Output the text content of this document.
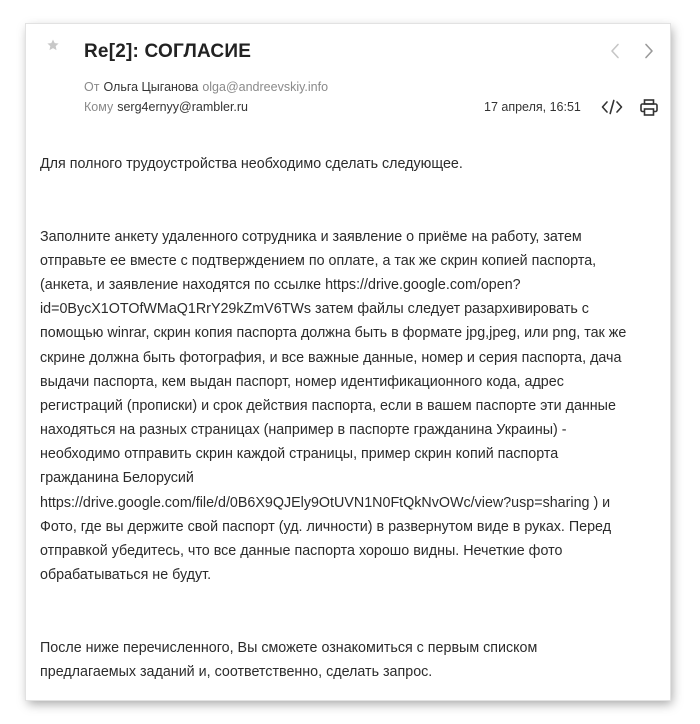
Re[2]: СОГЛАСИЕ
От Ольга Цыганова olga@andreevskiy.info
Кому serg4ernyy@rambler.ru	17 апреля, 16:51
Для полного трудоустройства необходимо сделать следующее.
Заполните анкету удаленного сотрудника и заявление о приёме на работу, затем
отправьте ее вместе с подтверждением по оплате, а так же скрин копией паспорта,
(анкета, и заявление находятся по ссылке https://drive.google.com/open?
id=0BycX1OTOfWMaQ1RrY29kZmV6TWs затем файлы следует разархивировать с
помощью winrar, скрин копия паспорта должна быть в формате jpg,jpeg, или png, так же
скрине должна быть фотография, и все важные данные, номер и серия паспорта, дача
выдачи паспорта, кем выдан паспорт, номер идентификационного кода, адрес
регистраций (прописки) и срок действия паспорта, если в вашем паспорте эти данные
находяться на разных страницах (например в паспорте гражданина Украины) -
необходимо отправить скрин каждой страницы, пример скрин копий паспорта
гражданина Белорусий
https://drive.google.com/file/d/0B6X9QJEly9OtUVN1N0FtQkNvOWc/view?usp=sharing ) и
Фото, где вы держите свой паспорт (уд. личности) в развернутом виде в руках. Перед
отправкой убедитесь, что все данные паспорта хорошо видны. Нечеткие фото
обрабатываться не будут.
После ниже перечисленного, Вы сможете ознакомиться с первым списком
предлагаемых заданий и, соответственно, сделать запрос.
